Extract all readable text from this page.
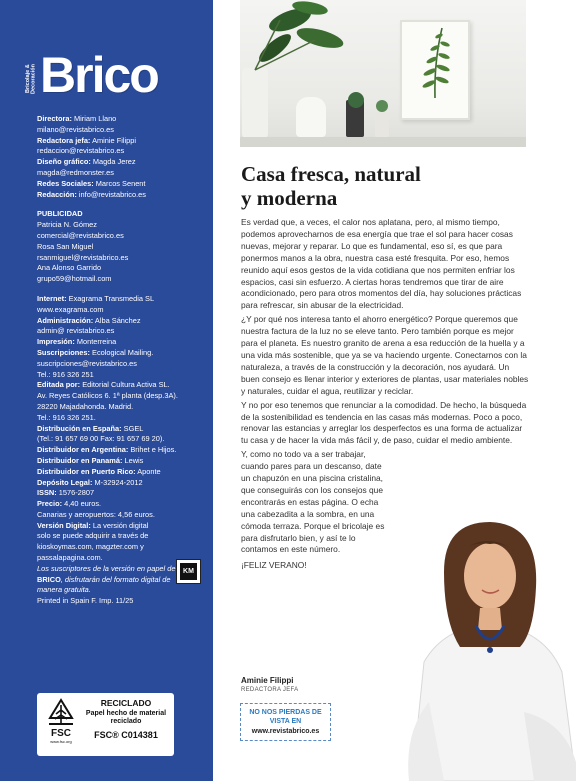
Bricolaje & Decoración Brico
Directora: Miriam Llano
milano@revistabrico.es
Redactora jefa: Aminie Filippi
redaccion@revistabrico.es
Diseño gráfico: Magda Jerez
magda@redmonster.es
Redes Sociales: Marcos Senent
Redacción: info@revistabrico.es
PUBLICIDAD
Patricia N. Gómez
comercial@revistabrico.es
Rosa San Miguel
rsanmiguel@revistabrico.es
Ana Alonso Garrido
grupo59@hotmail.com
Internet: Exagrama Transmedia SL
www.exagrama.com
Administración: Alba Sánchez
admin@ revistabrico.es
Impresión: Monterreina
Suscripciones: Ecological Mailing.
suscripciones@revistabrico.es
Tel.: 916 326 251
Editada por: Editorial Cultura Activa SL.
Av. Reyes Católicos 6. 1ª planta (desp.3A).
28220 Majadahonda. Madrid.
Tel.: 916 326 251.
Distribución en España: SGEL
(Tel.: 91 657 69 00 Fax: 91 657 69 20).
Distribuidor en Argentina: Brihet e Hijos.
Distribuidor en Panamá: Lewis
Distribuidor en Puerto Rico: Aponte
Depósito Legal: M-32924-2012
ISSN: 1576-2807
Precio: 4,40 euros.
Canarias y aeropuertos: 4,56 euros.
Versión Digital: La versión digital
solo se puede adquirir a través de
kioskoymas.com, magzter.com y
passalapagina.com.
Los suscriptores de la versión en papel de
BRICO, disfrutarán del formato digital de
manera gratuita.
Printed in Spain F. Imp. 11/25
KM
FSC
www.fsc.org
RECICLADO
Papel hecho de material reciclado
FSC® C014381
Casa fresca, natural
y moderna

Es verdad que, a veces, el calor nos aplatana, pero, al mismo tiempo, podemos aprovecharnos de esa energía que trae el sol para hacer cosas nuevas, mejorar y reparar. Lo que es fundamental, eso sí, es que para ponermos manos a la obra, nuestra casa esté fresquita. Por eso, hemos reunido aquí esos gestos de la vida cotidiana que nos permiten enfriar los espacios, casi sin esfuerzo. A ciertas horas tendremos que tirar de aire acondicionado, pero para otros momentos del día, hay soluciones prácticas para refrescar, sin abusar de la electricidad.

¿Y por qué nos interesa tanto el ahorro energético? Porque queremos que nuestra factura de la luz no se eleve tanto. Pero también porque es mejor para el planeta. Es nuestro granito de arena a esa reducción de la huella y a una vida más sostenible, que ya se va haciendo urgente. Conectarnos con la naturaleza, a través de la construcción y la decoración, nos ayudará. Un buen consejo es llenar interior y exteriores de plantas, usar materiales nobles y naturales, cuidar el agua, reutilizar y reciclar.

Y no por eso tenemos que renunciar a la comodidad. De hecho, la búsqueda de la sostenibilidad es tendencia en las casas más modernas. Poco a poco, renovar las estancias y arreglar los desperfectos es una forma de actualizar tu casa y de hacer la vida más fácil y, de paso, cuidar el medio ambiente.

Y, como no todo va a ser trabajar, cuando pares para un descanso, date un chapuzón en una piscina cristalina, que conseguirás con los consejos que encontrarás en estas página. O echa una cabezadita a la sombra, en una cómoda terraza. Porque el bricolaje es para disfrutarlo bien, y así te lo contamos en este número.

¡FELIZ VERANO!

Aminie Filippi
REDACTORA JEFA
NO NOS PIERDAS DE VISTA EN
www.revistabrico.es
